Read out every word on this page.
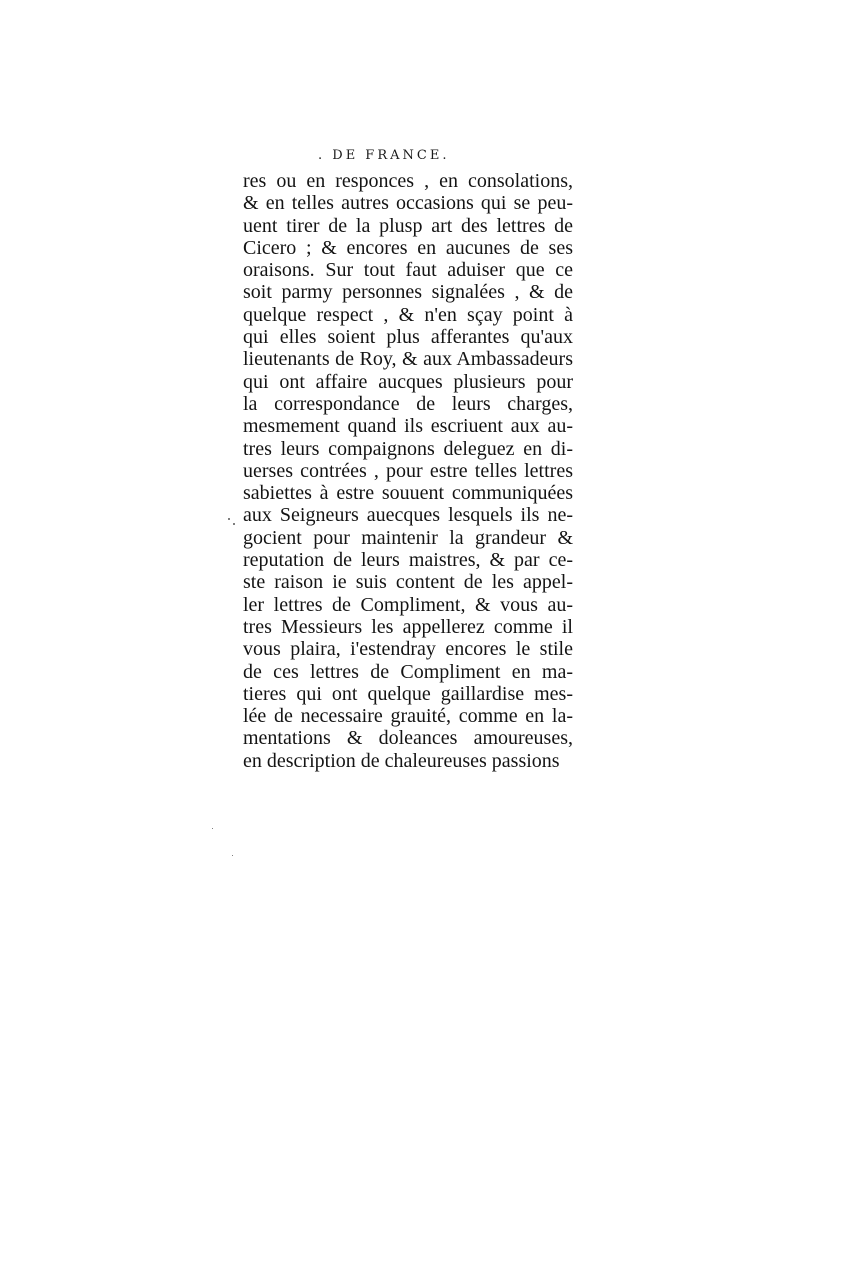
. DE FRANCE.
res ou en responces , en consolations,
& en telles autres occasions qui se peu-
uent tirer de la plusp art des lettres de
Cicero ; & encores en aucunes de ses
oraisons. Sur tout faut aduiser que ce
soit parmy personnes signalées , & de
quelque respect , & n'en sçay point à
qui elles soient plus afferantes qu'aux
lieutenants de Roy, & aux Ambassadeurs
qui ont affaire aucques plusieurs pour
la correspondance de leurs charges,
mesmement quand ils escriuent aux au-
tres leurs compaignons deleguez en di-
uerses contrées , pour estre telles lettres
sabiettes à estre souuent communiquées
aux Seigneurs auecques lesquels ils ne-
gocient pour maintenir la grandeur &
reputation de leurs maistres, & par ce-
ste raison ie suis content de les appel-
ler lettres de Compliment, & vous au-
tres Messieurs les appellerez comme il
vous plaira, i'estendray encores le stile
de ces lettres de Compliment en ma-
tieres qui ont quelque gaillardise mes-
lée de necessaire grauité, comme en la-
mentations & doleances amoureuses,
en description de chaleureuses passions
